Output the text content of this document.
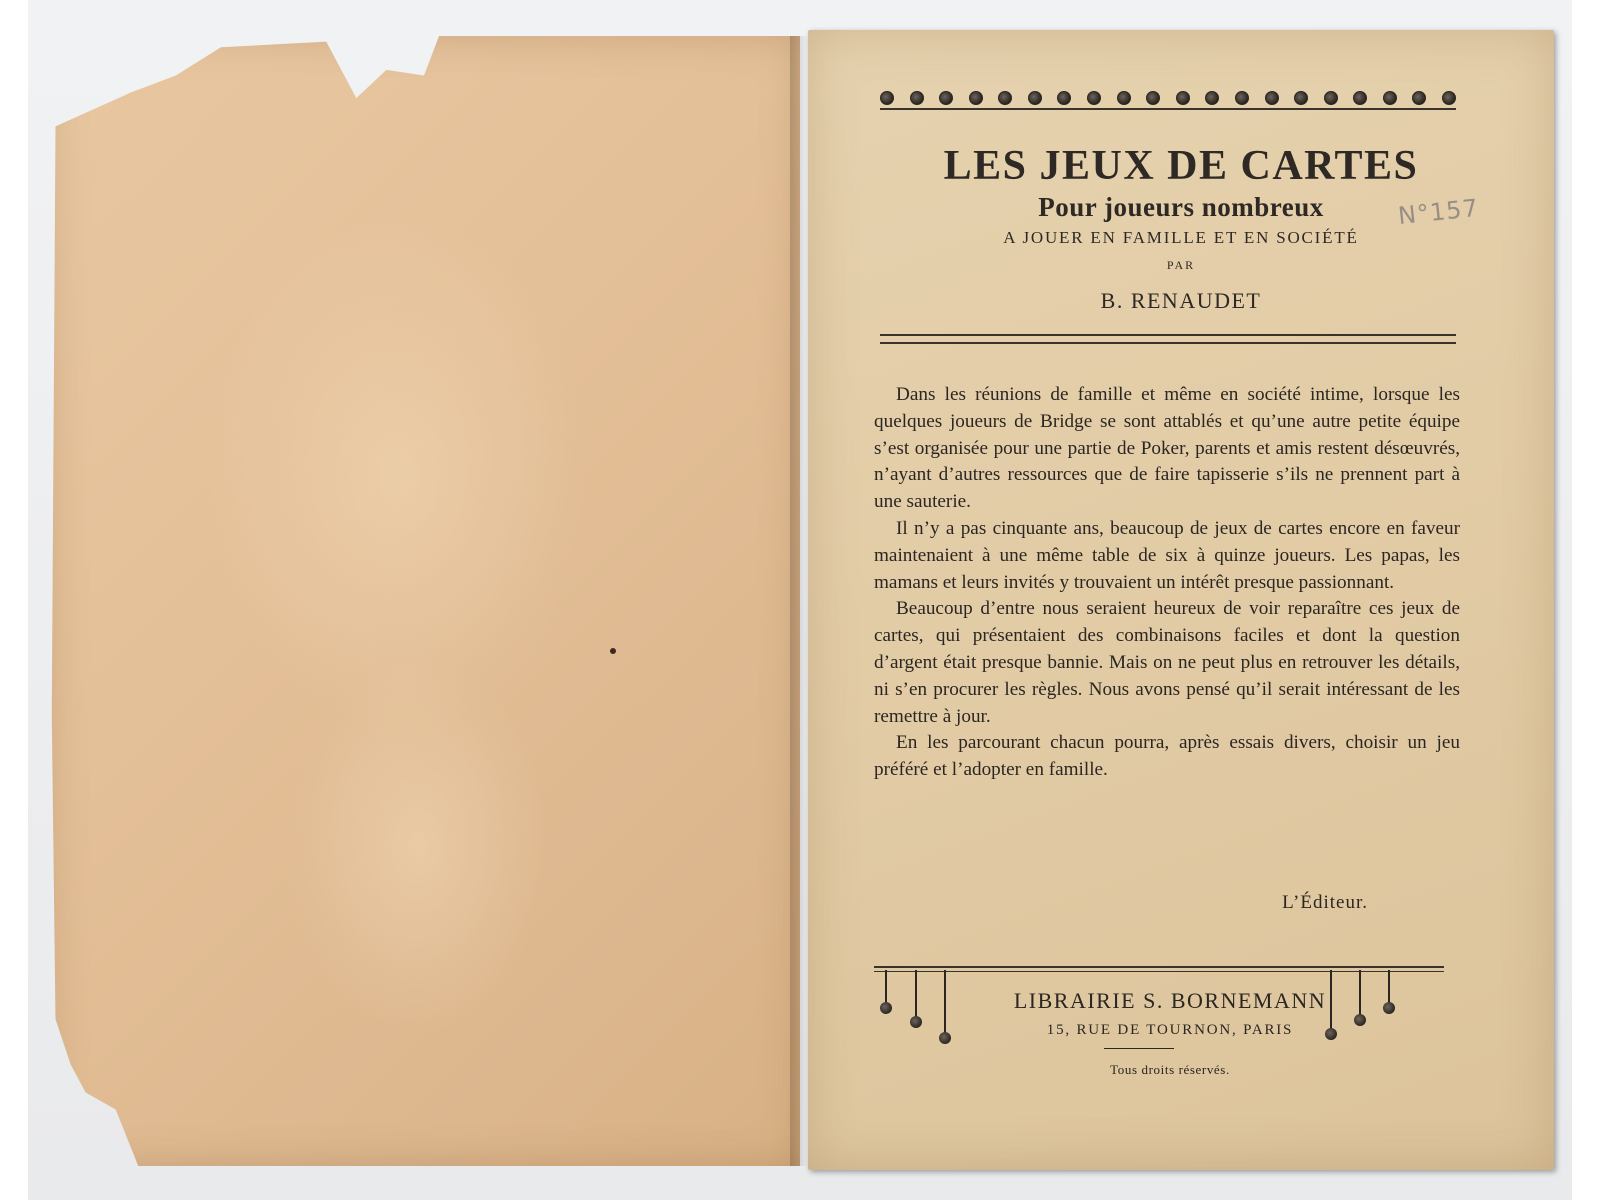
LES JEUX DE CARTES
Pour joueurs nombreux
A JOUER EN FAMILLE ET EN SOCIÉTÉ
PAR
B. RENAUDET
N°157

Dans les réunions de famille et même en société intime, lorsque les quelques joueurs de Bridge se sont attablés et qu’une autre petite équipe s’est organisée pour une partie de Poker, parents et amis restent désœuvrés, n’ayant d’autres ressources que de faire tapisserie s’ils ne prennent part à une sauterie.

Il n’y a pas cinquante ans, beaucoup de jeux de cartes encore en faveur maintenaient à une même table de six à quinze joueurs. Les papas, les mamans et leurs invités y trouvaient un intérêt presque passionnant.

Beaucoup d’entre nous seraient heureux de voir reparaître ces jeux de cartes, qui présentaient des combinaisons faciles et dont la question d’argent était presque bannie. Mais on ne peut plus en retrouver les détails, ni s’en procurer les règles. Nous avons pensé qu’il serait intéressant de les remettre à jour.

En les parcourant chacun pourra, après essais divers, choisir un jeu préféré et l’adopter en famille.

L’Éditeur.
LIBRAIRIE S. BORNEMANN
15, RUE DE TOURNON, PARIS
Tous droits réservés.
